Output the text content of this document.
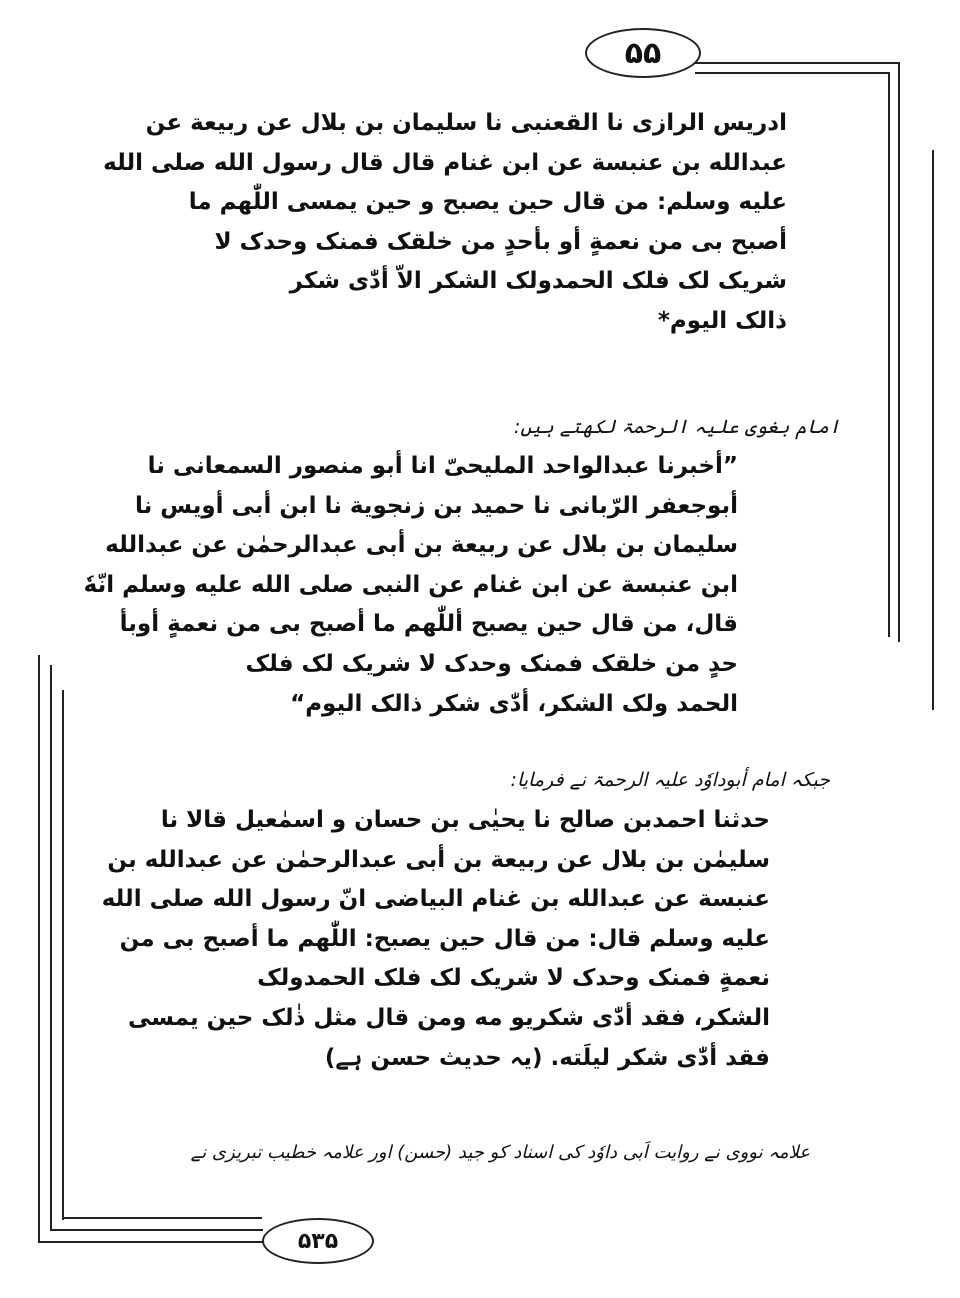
۵۵
ادریس الرازی نا القعنبی نا سلیمان بن بلال عن ربیعة عن
عبدالله بن عنبسة عن ابن غنام قال قال رسول الله صلی الله
علیه وسلم: من قال حین یصبح و حین یمسی اللّٰهم ما
أصبح بی من نعمةٍ أو بأحدٍ من خلقک فمنک وحدک لا
شریک لک فلک الحمدولک الشکر الاّ أدّٰی شکر
ذالک الیوم*
امام بغوی علیہ الرحمۃ لکھتے ہیں:
”أخبرنا عبدالواحد الملیحیّ انا أبو منصور السمعانی نا
أبوجعفر الرّبانی نا حمید بن زنجویة نا ابن أبی أویس نا
سلیمان بن بلال عن ربیعة بن أبی عبدالرحمٰن عن عبدالله
ابن عنبسة عن ابن غنام عن النبی صلی الله علیه وسلم انّهٗ
قال، من قال حین یصبح أللّٰهم ما أصبح بی من نعمةٍ أوبأ
حدٍ من خلقک فمنک وحدک لا شریک لک فلک
الحمد ولک الشکر، أدّٰی شکر ذالک الیوم“
جبکہ امام أبوداوٗد علیہ الرحمۃ نے فرمایا:
حدثنا احمدبن صالح نا یحیٰی بن حسان و اسمٰعیل قالا نا
سلیمٰن بن بلال عن ربیعة بن أبی عبدالرحمٰن عن عبدالله بن
عنبسة عن عبدالله بن غنام البیاضی انّ رسول الله صلی الله
علیه وسلم قال: من قال حین یصبح: اللّٰهم ما أصبح بی من
نعمةٍ فمنک وحدک لا شریک لک فلک الحمدولک
الشکر، فقد أدّٰی شکریو مه ومن قال مثل ذٰلک حین یمسی
فقد أدّٰی شکر لیلَته. (یہ حدیث حسن ہے)
علامہ نووی نے روایت اَبی داوٗد کی اسناد کو جید (حسن) اور علامہ خطیب تبریزی نے
۵۳۵
